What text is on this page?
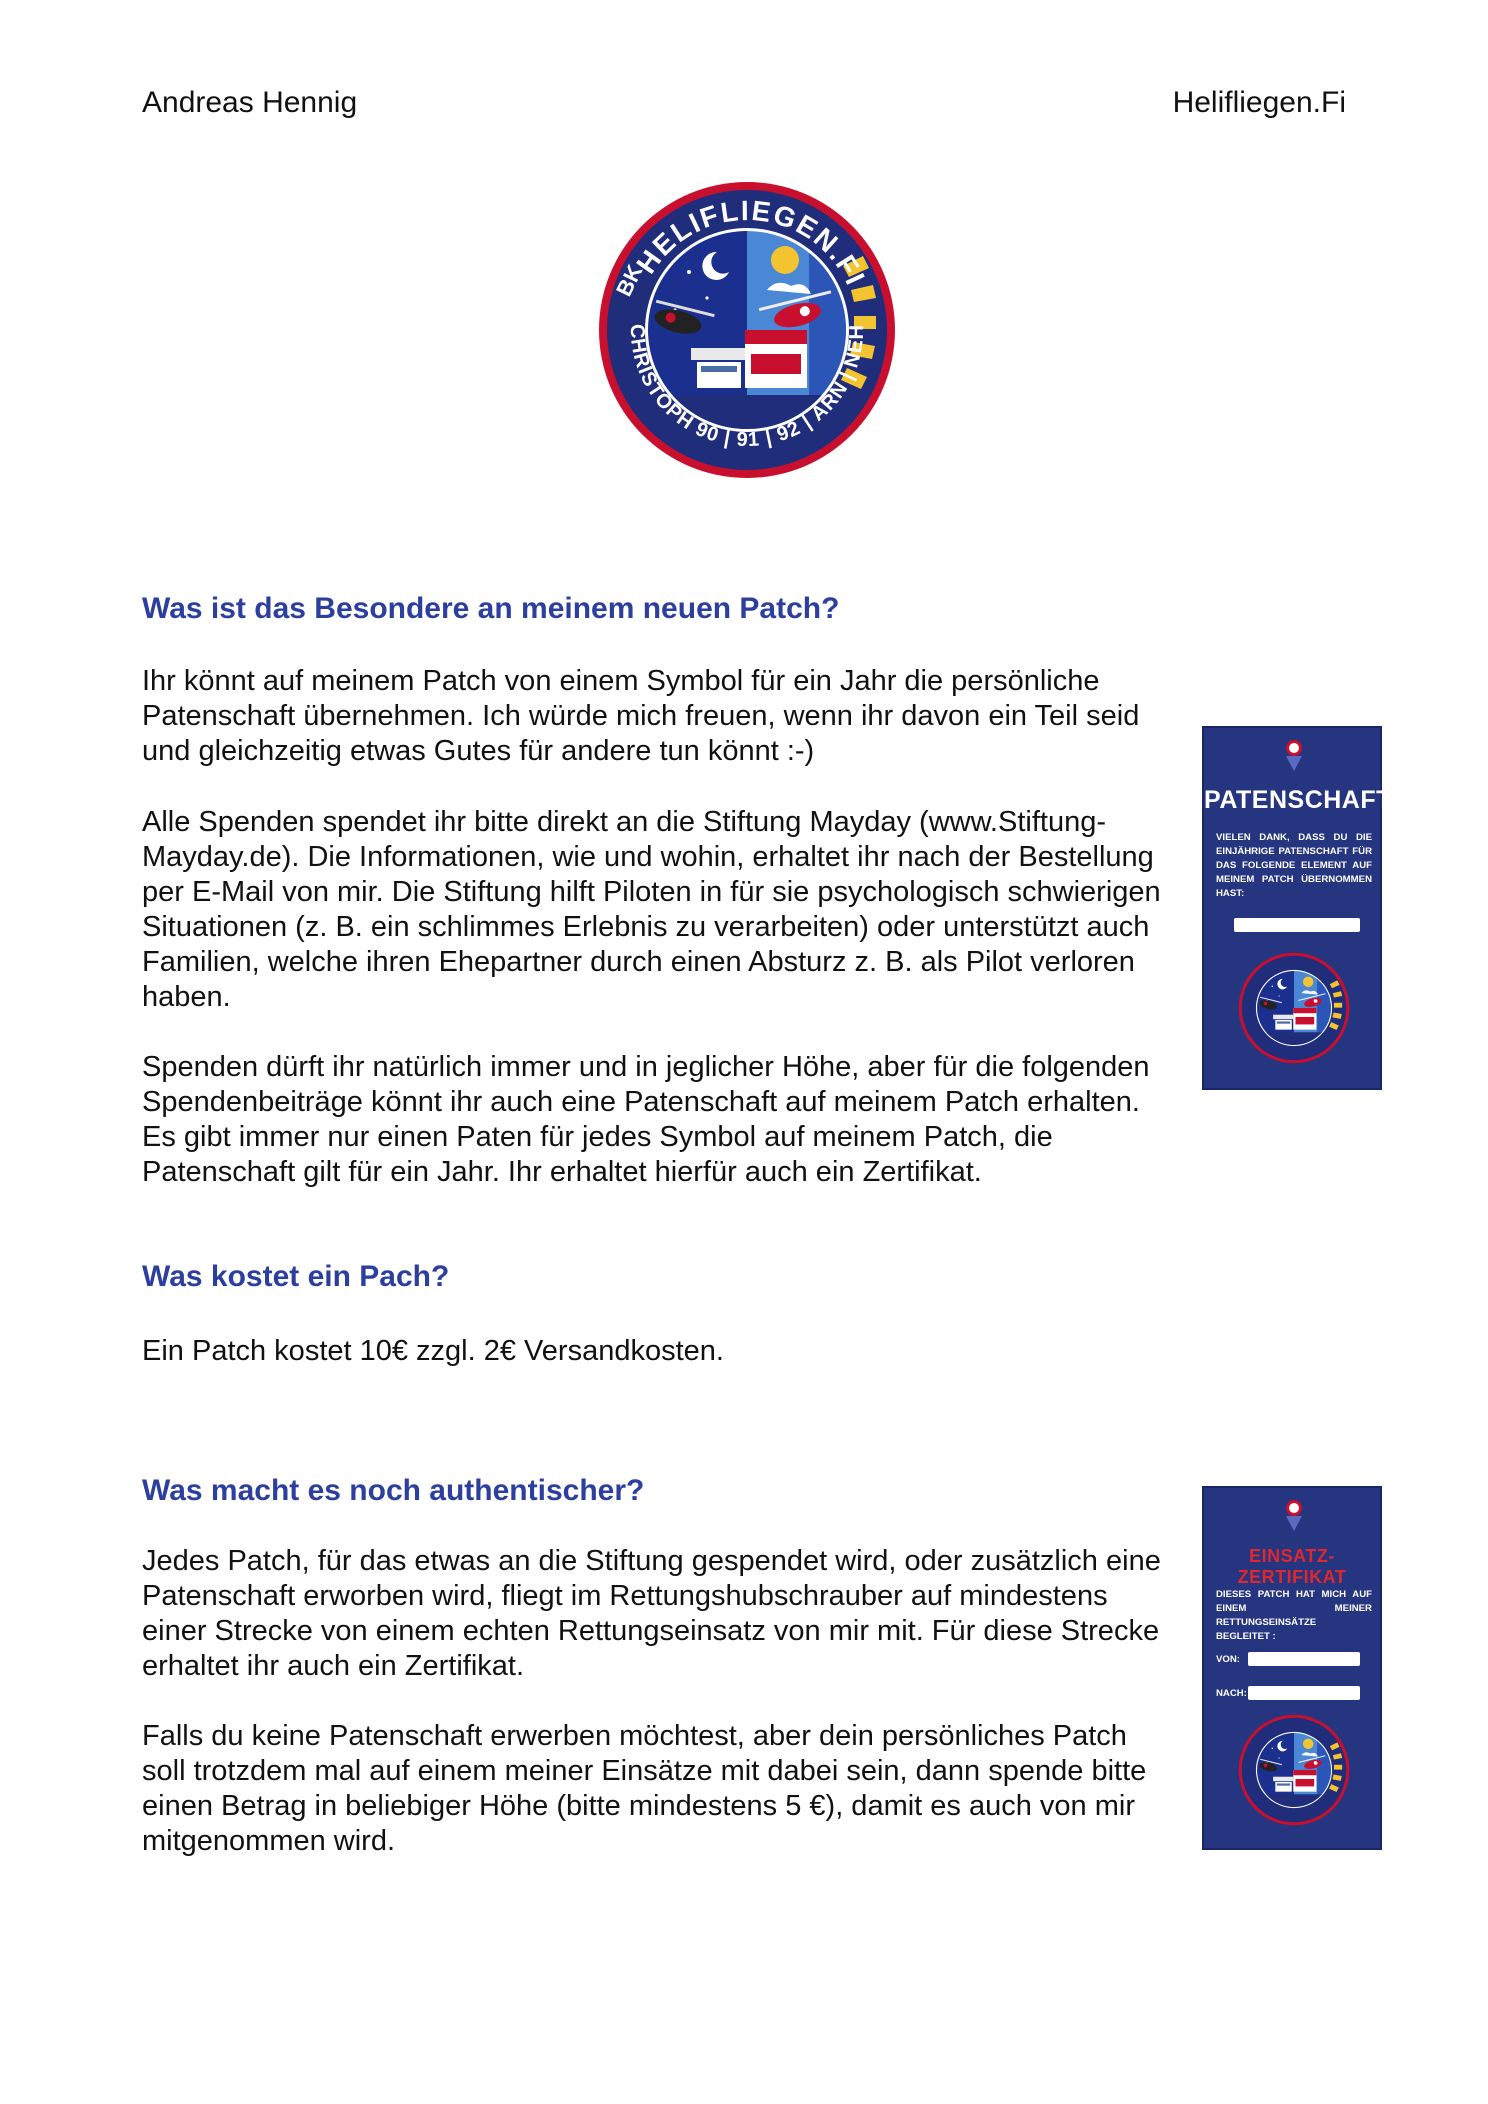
Andreas Hennig	Helifliegen.Fi
HELIFLIEGEN.FI
CHRISTOPH 90 | 91 | 92 | ARN | NEH
BK
Was ist das Besondere an meinem neuen Patch?

Ihr könnt auf meinem Patch von einem Symbol für ein Jahr die persönliche Patenschaft übernehmen. Ich würde mich freuen, wenn ihr davon ein Teil seid und gleichzeitig etwas Gutes für andere tun könnt :-)

Alle Spenden spendet ihr bitte direkt an die Stiftung Mayday (www.Stiftung-Mayday.de). Die Informationen, wie und wohin, erhaltet ihr nach der Bestellung per E-Mail von mir. Die Stiftung hilft Piloten in für sie psychologisch schwierigen Situationen (z. B. ein schlimmes Erlebnis zu verarbeiten) oder unterstützt auch Familien, welche ihren Ehepartner durch einen Absturz z. B. als Pilot verloren haben.

Spenden dürft ihr natürlich immer und in jeglicher Höhe, aber für die folgenden Spendenbeiträge könnt ihr auch eine Patenschaft auf meinem Patch erhalten. Es gibt immer nur einen Paten für jedes Symbol auf meinem Patch, die Patenschaft gilt für ein Jahr. Ihr erhaltet hierfür auch ein Zertifikat.

Was kostet ein Pach?

Ein Patch kostet 10€ zzgl. 2€ Versandkosten.

Was macht es noch authentischer?

Jedes Patch, für das etwas an die Stiftung gespendet wird, oder zusätzlich eine Patenschaft erworben wird, fliegt im Rettungshubschrauber auf mindestens einer Strecke von einem echten Rettungseinsatz von mir mit. Für diese Strecke erhaltet ihr auch ein Zertifikat.

Falls du keine Patenschaft erwerben möchtest, aber dein persönliches Patch soll trotzdem mal auf einem meiner Einsätze mit dabei sein, dann spende bitte einen Betrag in beliebiger Höhe (bitte mindestens 5 €), damit es auch von mir mitgenommen wird.

PATENSCHAFT
VIELEN DANK, DASS DU DIE EINJÄHRIGE PATENSCHAFT FÜR DAS FOLGENDE ELEMENT AUF MEINEM PATCH ÜBERNOMMEN HAST:
EINSATZ-ZERTIFIKAT
DIESES PATCH HAT MICH AUF EINEM MEINER RETTUNGSEINSÄTZE BEGLEITET :
VON:
NACH:
